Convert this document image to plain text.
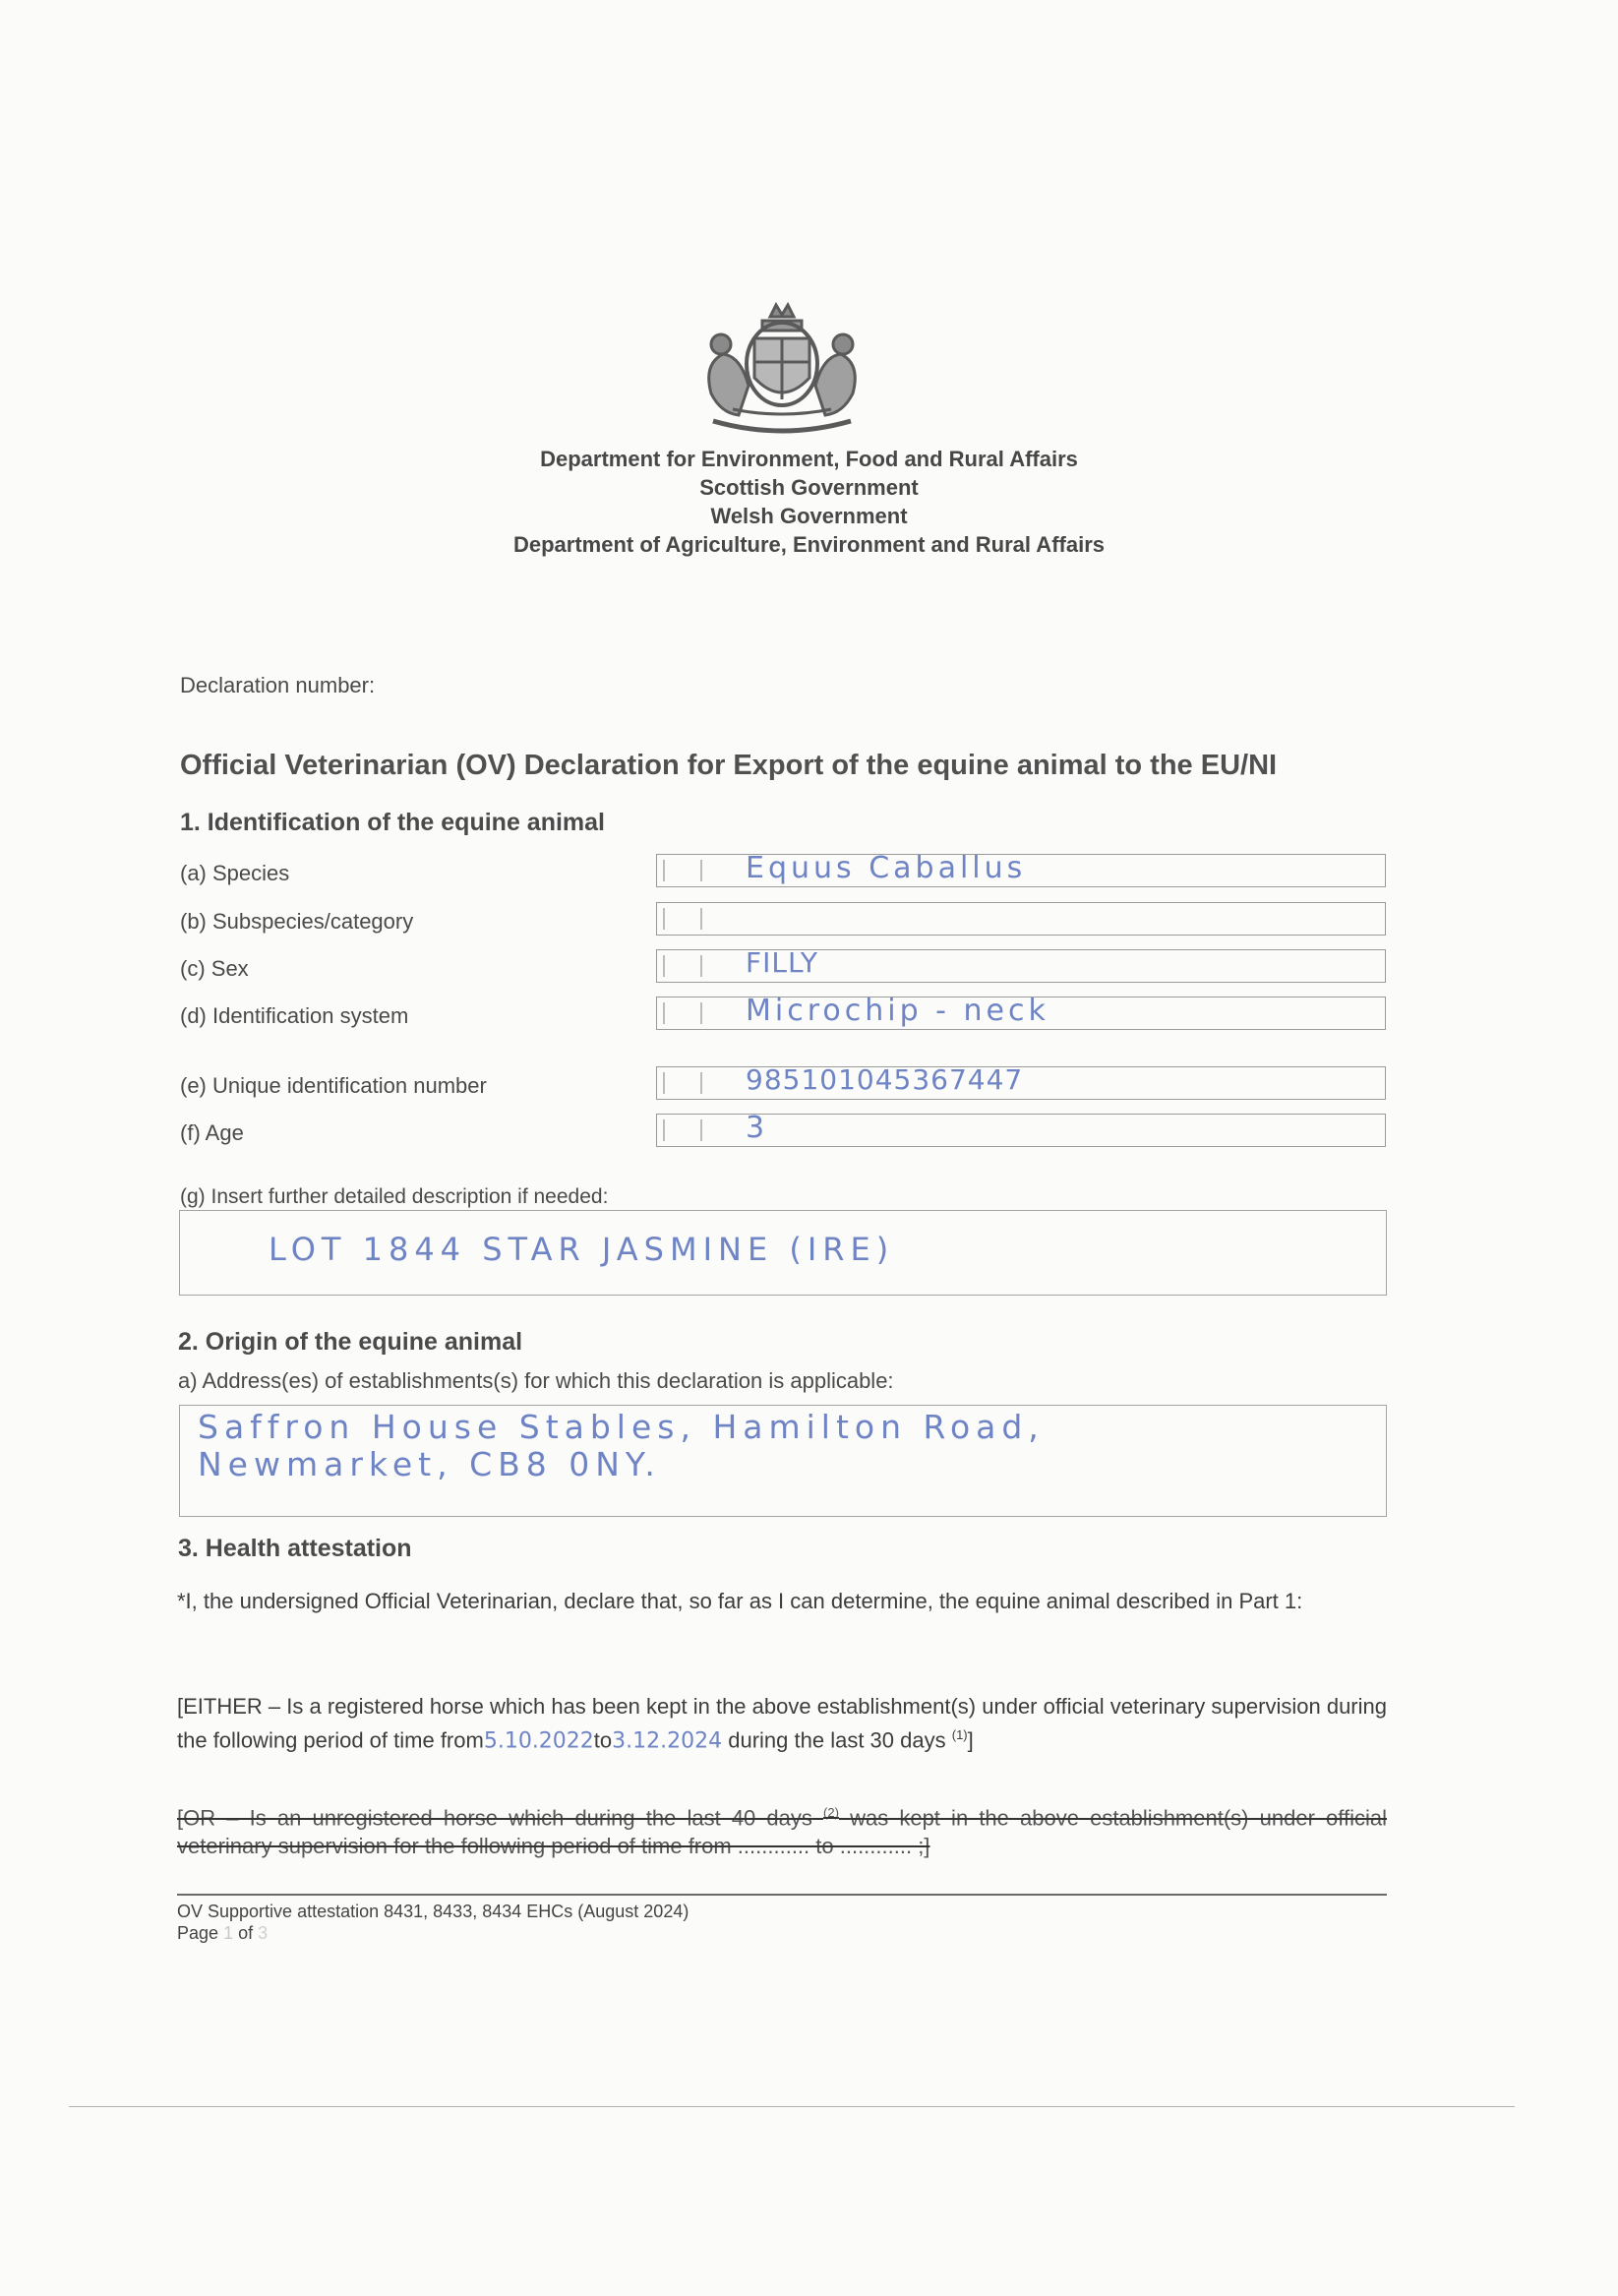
Department for Environment, Food and Rural Affairs
Scottish Government
Welsh Government
Department of Agriculture, Environment and Rural Affairs
Declaration number:
Official Veterinarian (OV) Declaration for Export of the equine animal to the EU/NI
1. Identification of the equine animal
(a) Species	Equus Caballus
(b) Subspecies/category
(c) Sex	FILLY
(d) Identification system	Microchip - neck
(e) Unique identification number	985101045367447
(f) Age	3
(g) Insert further detailed description if needed:
LOT 1844 STAR JASMINE (IRE)
2. Origin of the equine animal
a) Address(es) of establishments(s) for which this declaration is applicable:
Saffron House Stables, Hamilton Road,
Newmarket, CB8 0NY.
3. Health attestation
*I, the undersigned Official Veterinarian, declare that, so far as I can determine, the equine animal described in Part 1:
[EITHER – Is a registered horse which has been kept in the above establishment(s) under official veterinary supervision during the following period of time from5.10.2022to3.12.2024 during the last 30 days $^{(1)}$]
[OR – Is an unregistered horse which during the last 40 days $^{(2)}$ was kept in the above establishment(s) under official veterinary supervision for the following period of time from ............ to ............ ;]
OV Supportive attestation 8431, 8433, 8434 EHCs (August 2024)
Page 1 of 3
